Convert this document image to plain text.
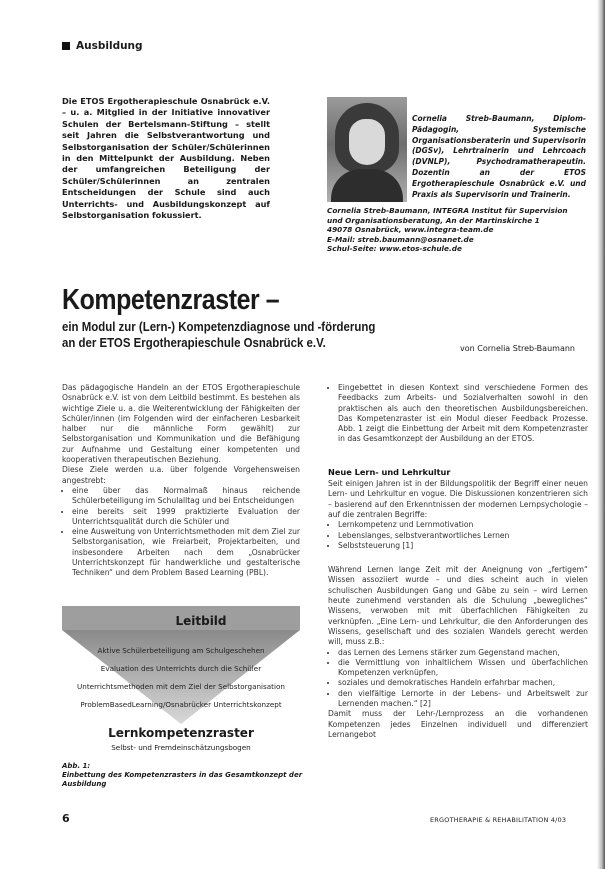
Ausbildung
Die ETOS Ergotherapieschule Osnabrück e.V. – u. a. Mitglied in der Initiative innovativer Schulen der Bertelsmann-Stiftung – stellt seit Jahren die Selbstverantwortung und Selbstorganisation der Schüler/Schülerinnen in den Mittelpunkt der Ausbildung. Neben der umfangreichen Beteiligung der Schüler/Schülerinnen an zentralen Entscheidungen der Schule sind auch Unterrichts- und Ausbildungskonzept auf Selbstorganisation fokussiert.
Cornelia Streb-Baumann, Diplom-Pädagogin, Systemische Organisationsberaterin und Supervisorin (DGSv), Lehrtrainerin und Lehrcoach (DVNLP), Psychodramatherapeutin. Dozentin an der ETOS Ergotherapieschule Osnabrück e.V. und Praxis als Supervisorin und Trainerin.
Cornelia Streb-Baumann, INTEGRA Institut für Supervision
und Organisationsberatung, An der Martinskirche 1
49078 Osnabrück, www.integra-team.de
E-Mail: streb.baumann@osnanet.de
Schul-Seite: www.etos-schule.de
Kompetenzraster –
ein Modul zur (Lern-) Kompetenzdiagnose und -förderung
an der ETOS Ergotherapieschule Osnabrück e.V.	von Cornelia Streb-Baumann

Das pädagogische Handeln an der ETOS Ergotherapieschule Osnabrück e.V. ist von dem Leitbild bestimmt. Es bestehen als wichtige Ziele u. a. die Weiterentwicklung der Fähigkeiten der Schüler/innen (im Folgenden wird der einfacheren Lesbarkeit halber nur die männliche Form gewählt) zur Selbstorganisation und Kommunikation und die Befähigung zur Aufnahme und Gestaltung einer kompetenten und kooperativen therapeutischen Beziehung.

Diese Ziele werden u.a. über folgende Vorgehensweisen angestrebt:

• eine über das Normalmaß hinaus reichende Schülerbeteiligung im Schulalltag und bei Entscheidungen
• eine bereits seit 1999 praktizierte Evaluation der Unterrichtsqualität durch die Schüler und
• eine Ausweitung von Unterrichtsmethoden mit dem Ziel zur Selbstorganisation, wie Freiarbeit, Projektarbeiten, und insbesondere Arbeiten nach dem „Osnabrücker Unterrichtskonzept für handwerkliche und gestalterische Techniken“ und dem Problem Based Learning (PBL).
Leitbild
Aktive Schülerbeteiligung am Schulgeschehen
Evaluation des Unterrichts durch die Schüler
Unterrichtsmethoden mit dem Ziel der Selbstorganisation
ProblemBasedLearning/Osnabrücker Unterrichtskonzept
Lernkompetenzraster
Selbst- und Fremdeinschätzungsbogen
Abb. 1:
Einbettung des Kompetenzrasters in das Gesamtkonzept der Ausbildung
• Eingebettet in diesen Kontext sind verschiedene Formen des Feedbacks zum Arbeits- und Sozialverhalten sowohl in den praktischen als auch den theoretischen Ausbildungsbereichen. Das Kompetenzraster ist ein Modul dieser Feedback Prozesse. Abb. 1 zeigt die Einbettung der Arbeit mit dem Kompetenzraster in das Gesamtkonzept der Ausbildung an der ETOS.
Neue Lern- und Lehrkultur

Seit einigen Jahren ist in der Bildungspolitik der Begriff einer neuen Lern- und Lehrkultur en vogue. Die Diskussionen konzentrieren sich – basierend auf den Erkenntnissen der modernen Lernpsychologie – auf die zentralen Begriffe:

• Lernkompetenz und Lernmotivation
• Lebenslanges, selbstverantwortliches Lernen
• Selbststeuerung [1]

Während Lernen lange Zeit mit der Aneignung von „fertigem“ Wissen assoziiert wurde – und dies scheint auch in vielen schulischen Ausbildungen Gang und Gäbe zu sein – wird Lernen heute zunehmend verstanden als die Schulung „bewegliches“ Wissens, verwoben mit mit überfachlichen Fähigkeiten zu verknüpfen. „Eine Lern- und Lehrkultur, die den Anforderungen des Wissens, gesellschaft und des sozialen Wandels gerecht werden will, muss z.B.:

• das Lernen des Lernens stärker zum Gegenstand machen,
• die Vermittlung von inhaltlichem Wissen und überfachlichen Kompetenzen verknüpfen,
• soziales und demokratisches Handeln erfahrbar machen,
• den vielfältige Lernorte in der Lebens- und Arbeitswelt zur Lernenden machen.“ [2]

Damit muss der Lehr-/Lernprozess an die vorhandenen Kompetenzen jedes Einzelnen individuell und differenziert Lernangebot

6	ERGOTHERAPIE & REHABILITATION 4/03
